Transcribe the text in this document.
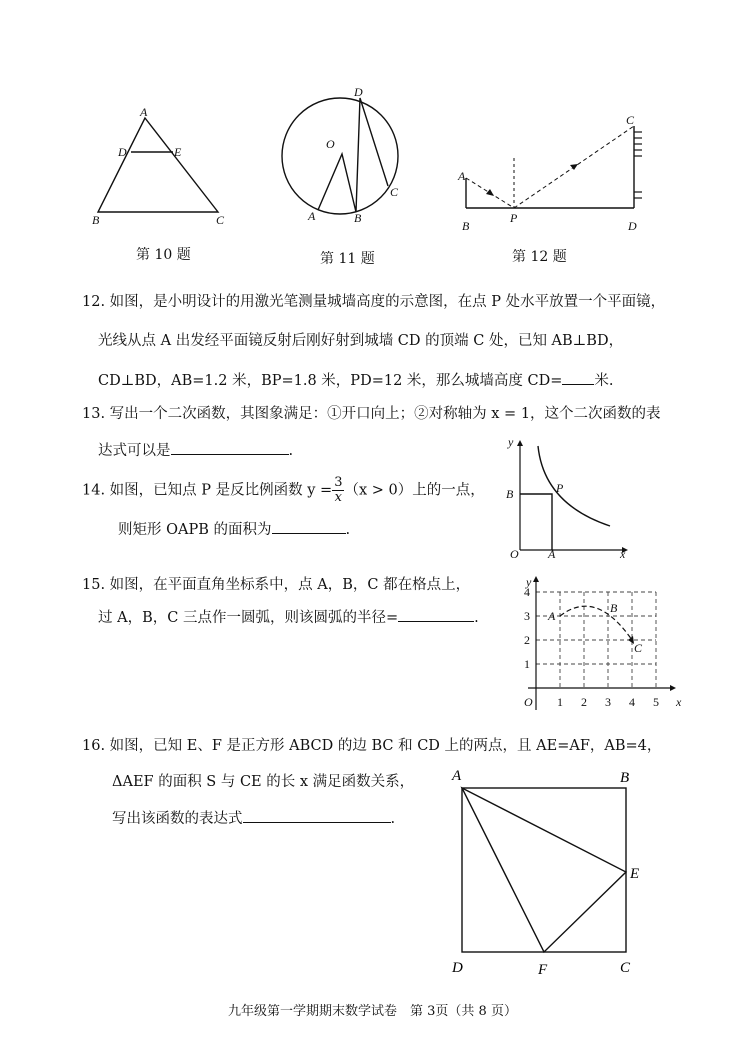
A
D	E
B	C
第 10 题
O
A	B
C
D
第 11 题
A
B
P
C
D
第 12 题
12. 如图，是小明设计的用激光笔测量城墙高度的示意图，在点 P 处水平放置一个平面镜，
光线从点 A 出发经平面镜反射后刚好射到城墙 CD 的顶端 C 处，已知 AB⊥BD，
CD⊥BD，AB=1.2 米，BP=1.8 米，PD=12 米，那么城墙高度 CD= 米.
13. 写出一个二次函数，其图象满足：①开口向上；②对称轴为 x = 1，这个二次函数的表
达式可以是	.
14. 如图，已知点 P 是反比例函数 $y = \frac{3}{x} (x > 0)$上的一点，
则矩形 OAPB 的面积为	.
y
x
O A
B	P
15. 如图，在平面直角坐标系中，点 A，B，C 都在格点上，
过 A，B，C 三点作一圆弧，则该圆弧的半径=	.
y
x
O 1 2 3 4 5
1
2
3
4
A
B
C
16. 如图，已知 E、F 是正方形 ABCD 的边 BC 和 CD 上的两点，且 AE=AF，AB=4，
ΔAEF 的面积 S 与 CE 的长 x 满足函数关系，
写出该函数的表达式	.
A	B
E
D	F	C
九年级第一学期期末数学试卷　第 3页（共 8 页）
